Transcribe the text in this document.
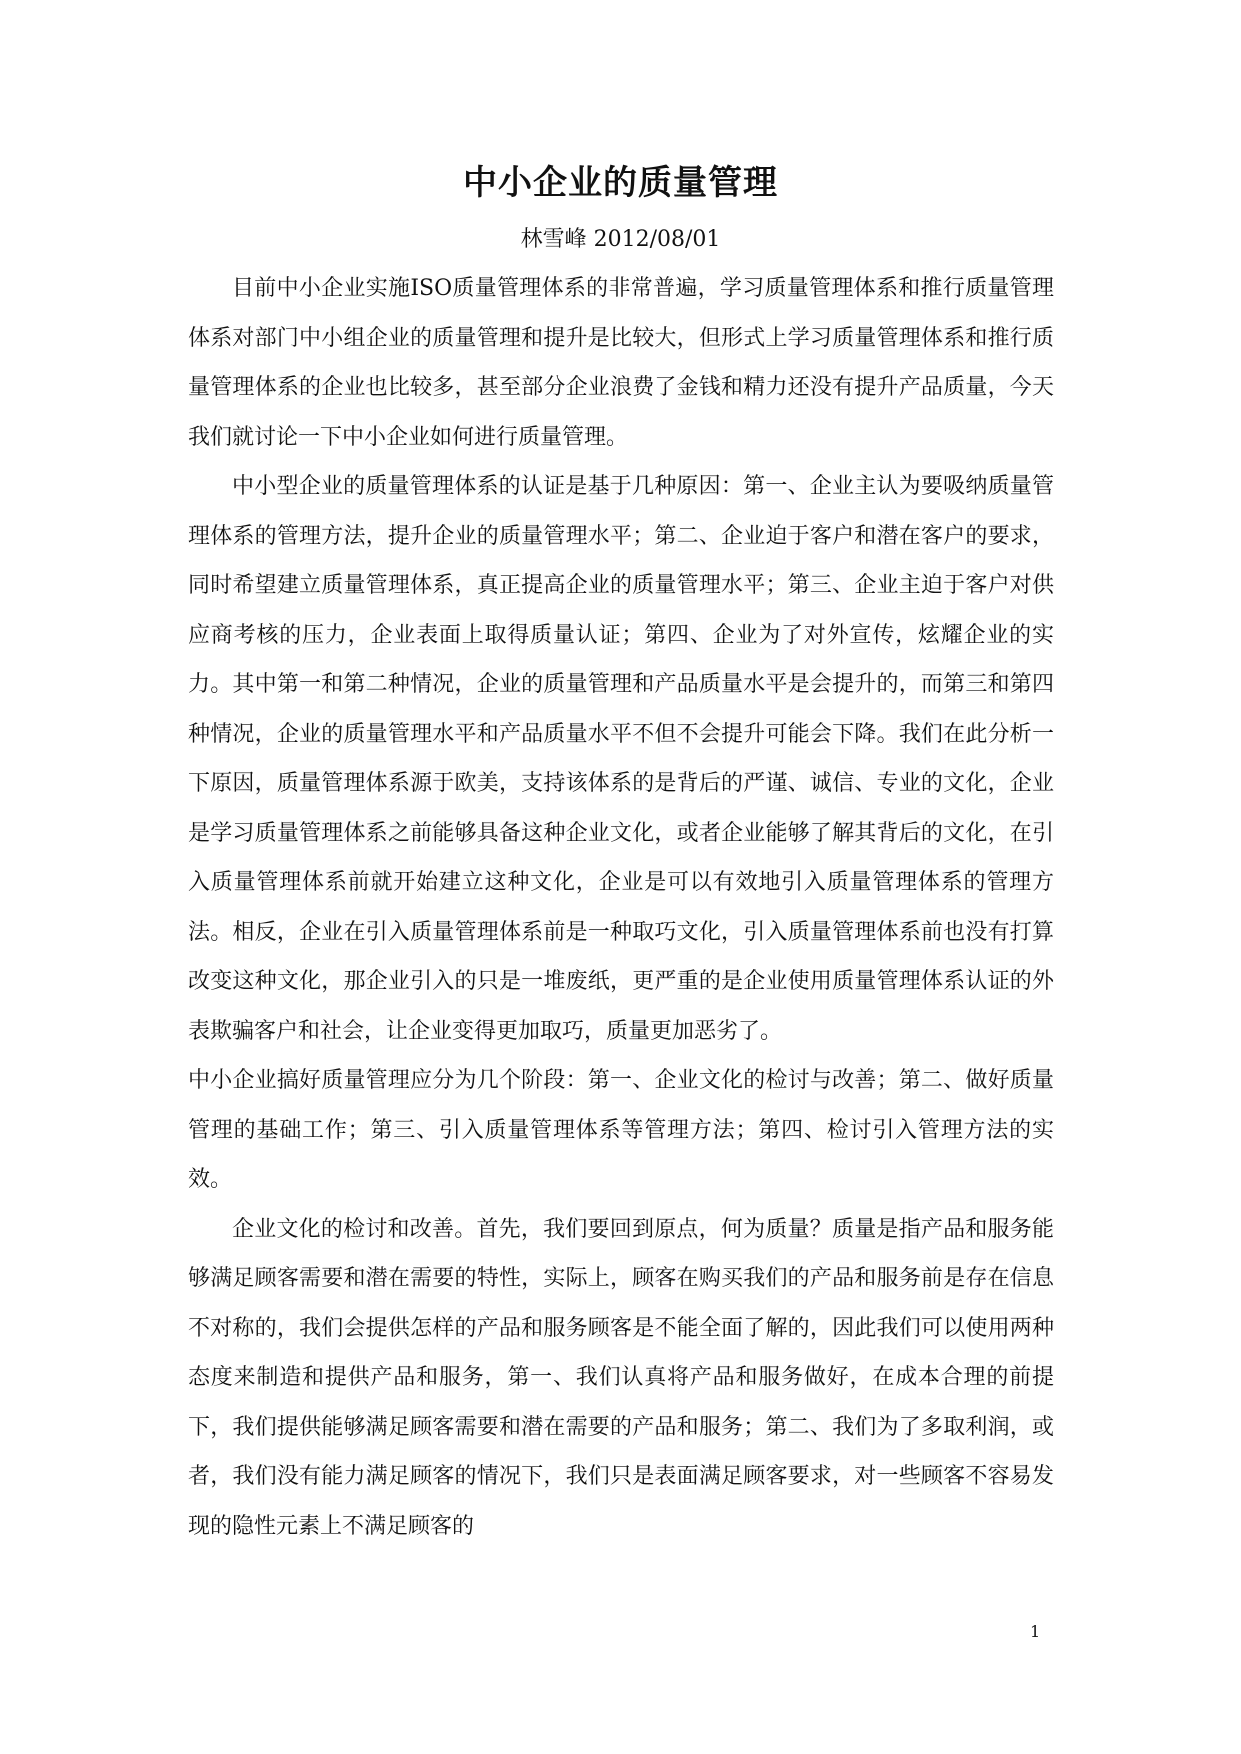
中小企业的质量管理
林雪峰 2012/08/01

目前中小企业实施ISO质量管理体系的非常普遍，学习质量管理体系和推行质量管理体系对部门中小组企业的质量管理和提升是比较大，但形式上学习质量管理体系和推行质量管理体系的企业也比较多，甚至部分企业浪费了金钱和精力还没有提升产品质量，今天我们就讨论一下中小企业如何进行质量管理。

中小型企业的质量管理体系的认证是基于几种原因：第一、企业主认为要吸纳质量管理体系的管理方法，提升企业的质量管理水平；第二、企业迫于客户和潜在客户的要求，同时希望建立质量管理体系，真正提高企业的质量管理水平；第三、企业主迫于客户对供应商考核的压力，企业表面上取得质量认证；第四、企业为了对外宣传，炫耀企业的实力。其中第一和第二种情况，企业的质量管理和产品质量水平是会提升的，而第三和第四种情况，企业的质量管理水平和产品质量水平不但不会提升可能会下降。我们在此分析一下原因，质量管理体系源于欧美，支持该体系的是背后的严谨、诚信、专业的文化，企业是学习质量管理体系之前能够具备这种企业文化，或者企业能够了解其背后的文化，在引入质量管理体系前就开始建立这种文化，企业是可以有效地引入质量管理体系的管理方法。相反，企业在引入质量管理体系前是一种取巧文化，引入质量管理体系前也没有打算改变这种文化，那企业引入的只是一堆废纸，更严重的是企业使用质量管理体系认证的外表欺骗客户和社会，让企业变得更加取巧，质量更加恶劣了。

中小企业搞好质量管理应分为几个阶段：第一、企业文化的检讨与改善；第二、做好质量管理的基础工作；第三、引入质量管理体系等管理方法；第四、检讨引入管理方法的实效。

企业文化的检讨和改善。首先，我们要回到原点，何为质量？质量是指产品和服务能够满足顾客需要和潜在需要的特性，实际上，顾客在购买我们的产品和服务前是存在信息不对称的，我们会提供怎样的产品和服务顾客是不能全面了解的，因此我们可以使用两种态度来制造和提供产品和服务，第一、我们认真将产品和服务做好，在成本合理的前提下，我们提供能够满足顾客需要和潜在需要的产品和服务；第二、我们为了多取利润，或者，我们没有能力满足顾客的情况下，我们只是表面满足顾客要求，对一些顾客不容易发现的隐性元素上不满足顾客的

1
